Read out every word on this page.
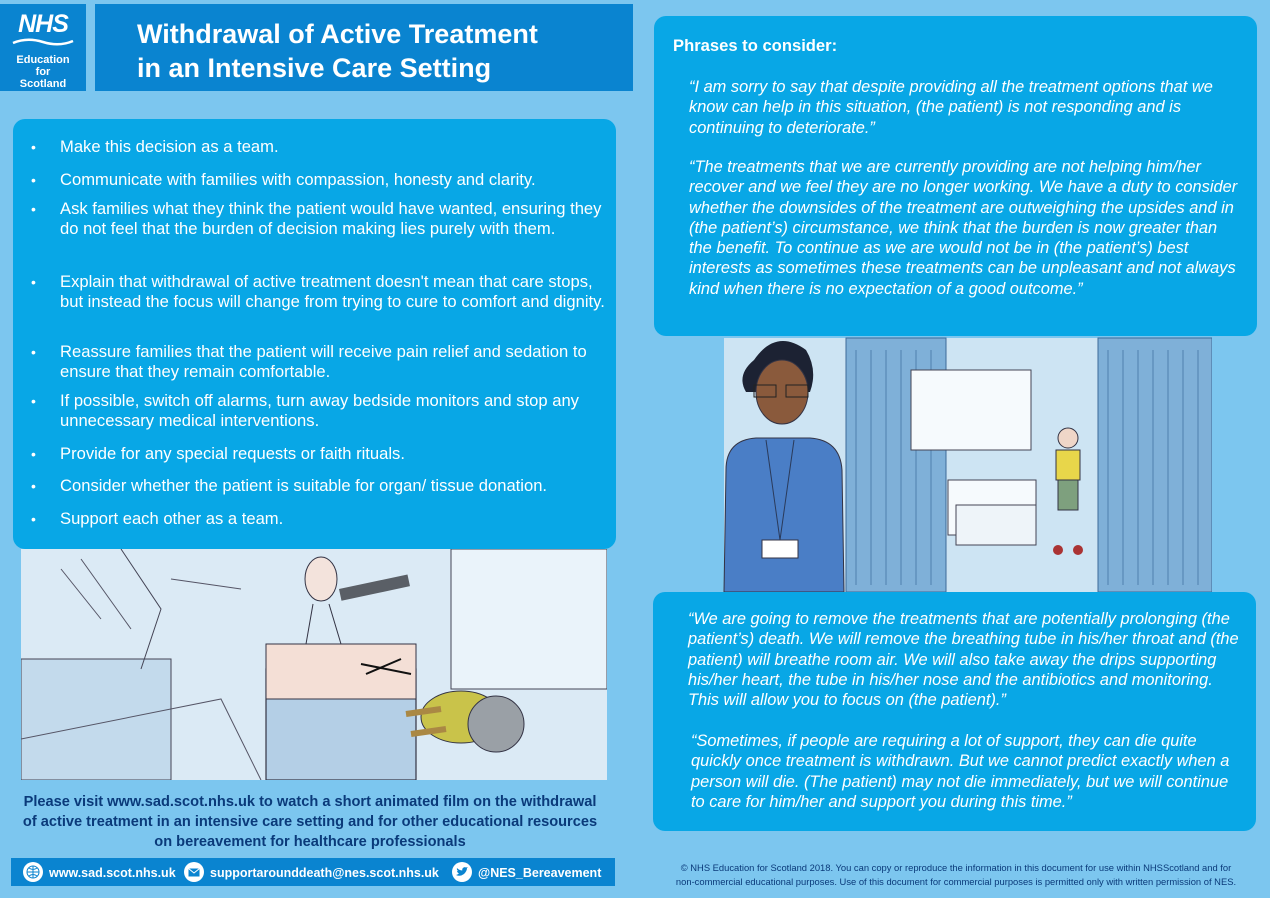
NHS
Education
for
Scotland
Withdrawal of Active Treatment
in an Intensive Care Setting
• Make this decision as a team.
• Communicate with families with compassion, honesty and clarity.
• Ask families what they think the patient would have wanted, ensuring they do not feel that the burden of decision making lies purely with them.
• Explain that withdrawal of active treatment doesn't mean that care stops, but instead the focus will change from trying to cure to comfort and dignity.
• Reassure families that the patient will receive pain relief and sedation to ensure that they remain comfortable.
• If possible, switch off alarms, turn away bedside monitors and stop any unnecessary medical interventions.
• Provide for any special requests or faith rituals.
• Consider whether the patient is suitable for organ/ tissue donation.
• Support each other as a team.
Please visit www.sad.scot.nhs.uk to watch a short animated film on the withdrawal of active treatment in an intensive care setting and for other educational resources on bereavement for healthcare professionals
www.sad.scot.nhs.uk	supportarounddeath@nes.scot.nhs.uk	@NES_Bereavement
Phrases to consider:
“I am sorry to say that despite providing all the treatment options that we know can help in this situation, (the patient) is not responding and is continuing to deteriorate.”
“The treatments that we are currently providing are not helping him/her recover and we feel they are no longer working. We have a duty to consider whether the downsides of the treatment are outweighing the upsides and in (the patient’s) circumstance, we think that the burden is now greater than the benefit. To continue as we are would not be in (the patient’s) best interests as sometimes these treatments can be unpleasant and not always kind when there is no expectation of a good outcome.”
“We are going to remove the treatments that are potentially prolonging (the patient’s) death. We will remove the breathing tube in his/her throat and (the patient) will breathe room air. We will also take away the drips supporting his/her heart, the tube in his/her nose and the antibiotics and monitoring. This will allow you to focus on (the patient).”
“Sometimes, if people are requiring a lot of support, they can die quite quickly once treatment is withdrawn. But we cannot predict exactly when a person will die. (The patient) may not die immediately, but we will continue to care for him/her and support you during this time.”
© NHS Education for Scotland 2018. You can copy or reproduce the information in this document for use within NHSScotland and for
non-commercial educational purposes. Use of this document for commercial purposes is permitted only with written permission of NES.
